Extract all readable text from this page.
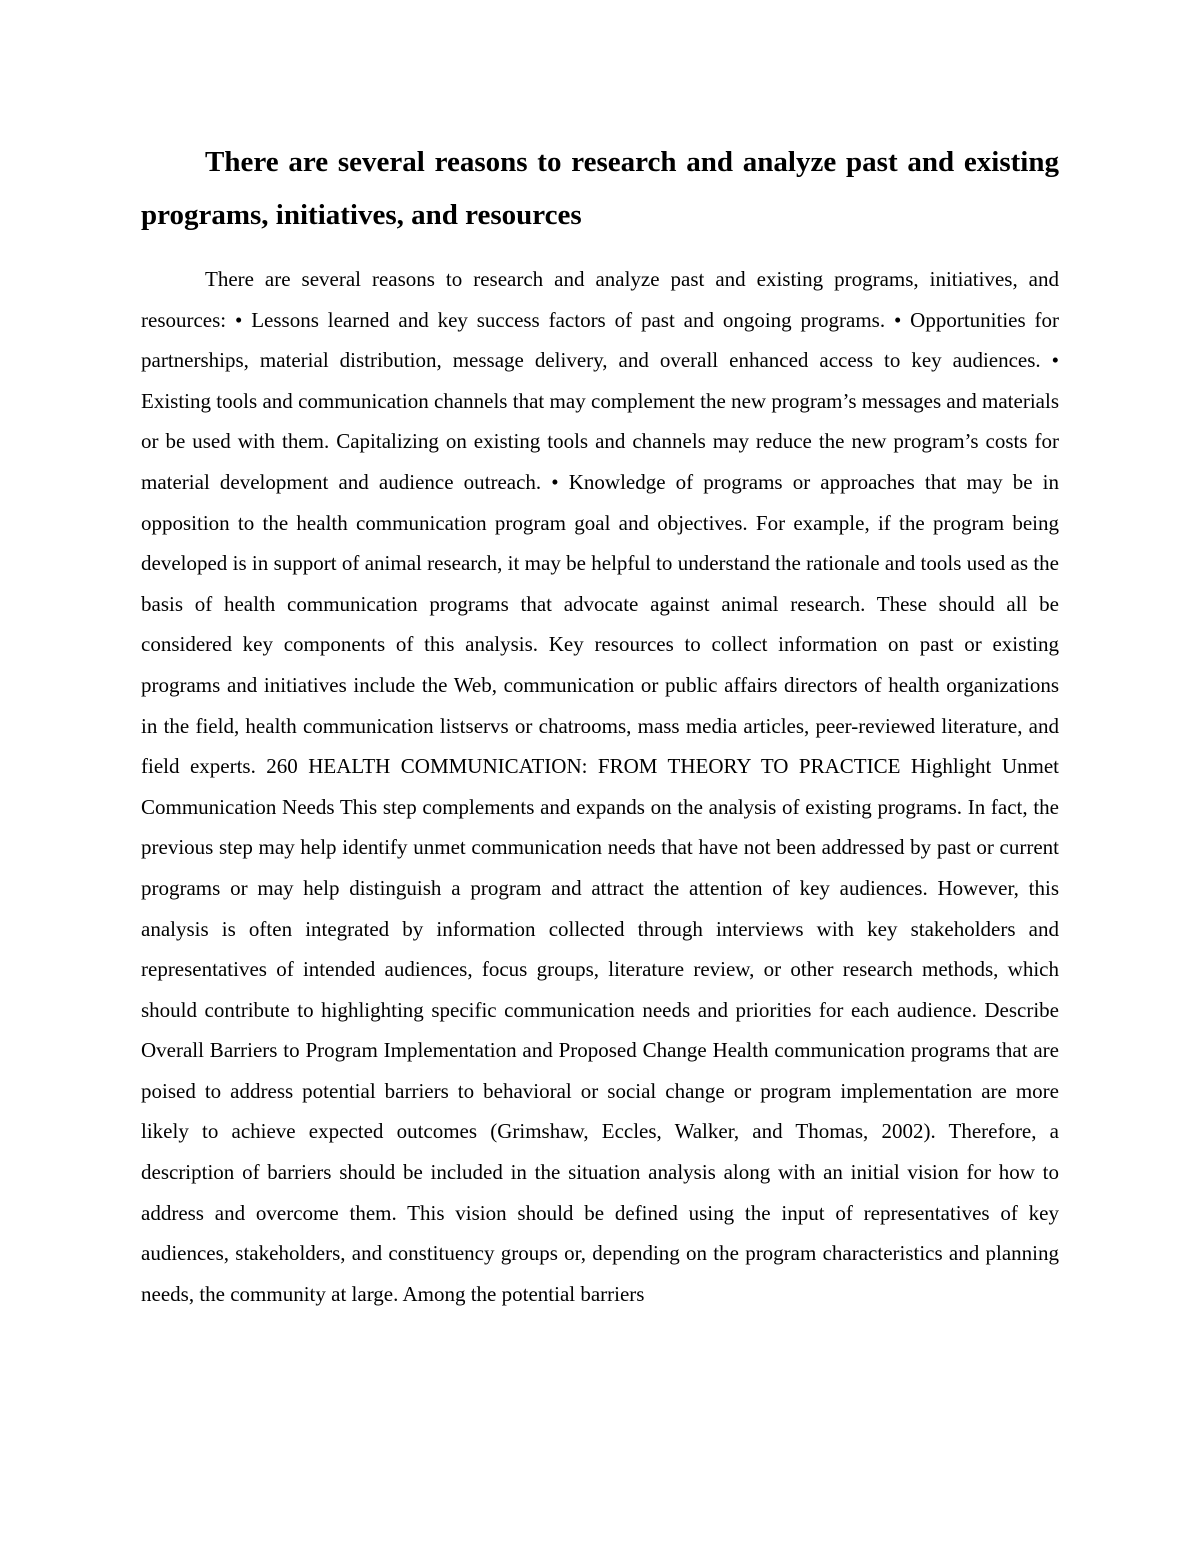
There are several reasons to research and analyze past and existing programs, initiatives, and resources

There are several reasons to research and analyze past and existing programs, initiatives, and resources: • Lessons learned and key success factors of past and ongoing programs. • Opportunities for partnerships, material distribution, message delivery, and overall enhanced access to key audiences. • Existing tools and communication channels that may complement the new program’s messages and materials or be used with them. Capitalizing on existing tools and channels may reduce the new program’s costs for material development and audience outreach. • Knowledge of programs or approaches that may be in opposition to the health communication program goal and objectives. For example, if the program being developed is in support of animal research, it may be helpful to understand the rationale and tools used as the basis of health communication programs that advocate against animal research. These should all be considered key components of this analysis. Key resources to collect information on past or existing programs and initiatives include the Web, communication or public affairs directors of health organizations in the field, health communication listservs or chatrooms, mass media articles, peer-reviewed literature, and field experts. 260 HEALTH COMMUNICATION: FROM THEORY TO PRACTICE Highlight Unmet Communication Needs This step complements and expands on the analysis of existing programs. In fact, the previous step may help identify unmet communication needs that have not been addressed by past or current programs or may help distinguish a program and attract the attention of key audiences. However, this analysis is often integrated by information collected through interviews with key stakeholders and representatives of intended audiences, focus groups, literature review, or other research methods, which should contribute to highlighting specific communication needs and priorities for each audience. Describe Overall Barriers to Program Implementation and Proposed Change Health communication programs that are poised to address potential barriers to behavioral or social change or program implementation are more likely to achieve expected outcomes (Grimshaw, Eccles, Walker, and Thomas, 2002). Therefore, a description of barriers should be included in the situation analysis along with an initial vision for how to address and overcome them. This vision should be defined using the input of representatives of key audiences, stakeholders, and constituency groups or, depending on the program characteristics and planning needs, the community at large. Among the potential barriers
